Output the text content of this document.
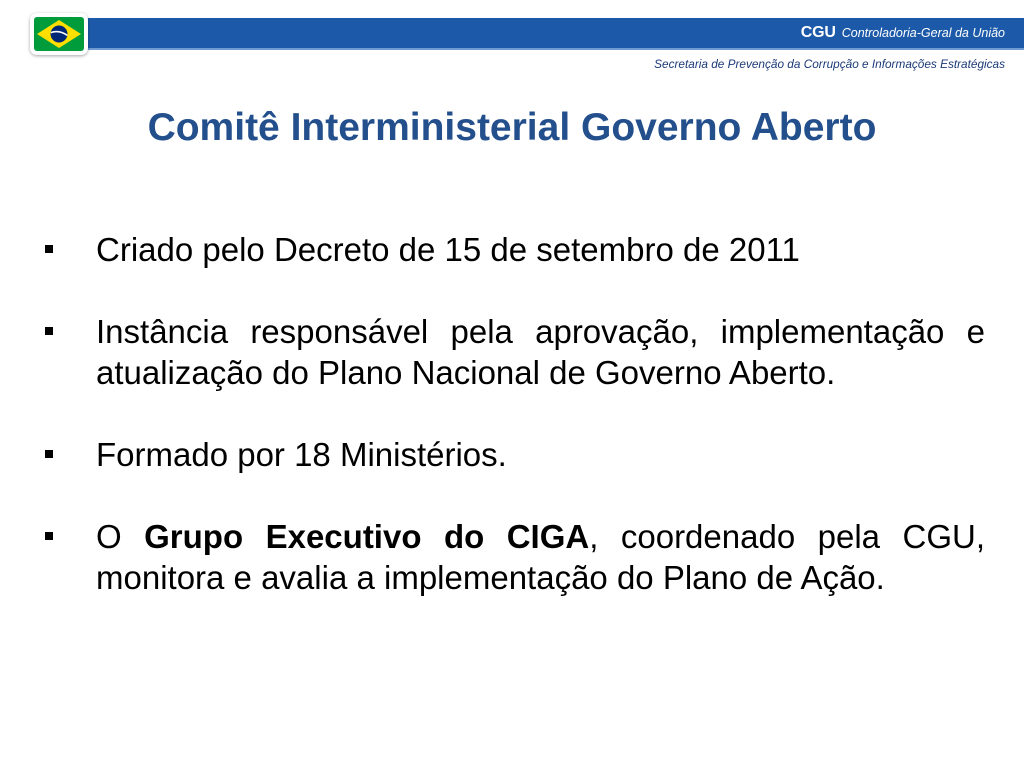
CGU Controladoria-Geral da União
Secretaria de Prevenção da Corrupção e Informações Estratégicas
Comitê Interministerial Governo Aberto
Criado pelo Decreto de 15 de setembro de 2011
Instância responsável pela aprovação, implementação e atualização do Plano Nacional de Governo Aberto.
Formado por 18 Ministérios.
O Grupo Executivo do CIGA, coordenado pela CGU, monitora e avalia a implementação do Plano de Ação.
